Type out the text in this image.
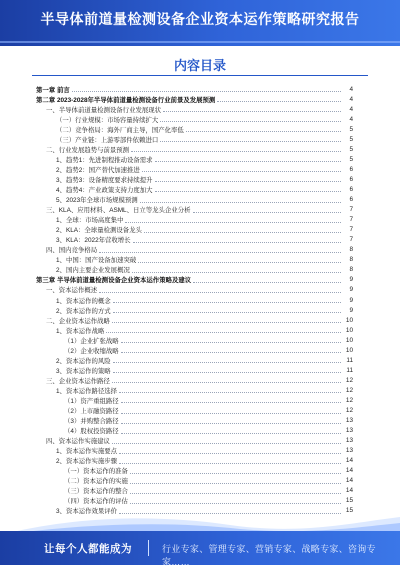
半导体前道量检测设备企业资本运作策略研究报告
内容目录
第一章 前言	4
第二章 2023-2028年半导体前道量检测设备行业前景及发展预测	4
一、半导体前道量检测设备行业发展现状	4
（一）行业规模：市场容量持续扩大	4
（二）竞争格局：海外厂商主导，国产化率低	5
（三）产业链：上游零部件依赖进口	5
二、行业发展趋势与前景预测	5
1、趋势1：先进制程推动设备需求	5
2、趋势2：国产替代加速推进	6
3、趋势3：设备精度要求持续提升	6
4、趋势4：产业政策支持力度加大	6
5、2023年全球市场规模预测	6
三、KLA、应用材料、ASML、日立等龙头企业分析	7
1、全球：市场高度集中	7
2、KLA：全球量检测设备龙头	7
3、KLA：2022年营收增长	7
四、国内竞争格局	8
1、中国：国产设备加速突破	8
2、国内主要企业发展概况	8
第三章 半导体前道量检测设备企业资本运作策略及建议	9
一、资本运作概述	9
1、资本运作的概念	9
2、资本运作的方式	9
二、企业资本运作战略	10
1、资本运作战略	10
（1）企业扩张战略	10
（2）企业收缩战略	10
2、资本运作的风险	11
3、资本运作的策略	11
三、企业资本运作路径	12
1、资本运作路径选择	12
（1）资产重组路径	12
（2）上市融资路径	12
（3）并购整合路径	13
（4）股权投资路径	13
四、资本运作实施建议	13
1、资本运作实施要点	13
2、资本运作实施步骤	14
（一）资本运作的准备	14
（二）资本运作的实施	14
（三）资本运作的整合	14
（四）资本运作的评估	15
3、资本运作效果评价	15
让每个人都能成为	行业专家、管理专家、营销专家、战略专家、咨询专家……
